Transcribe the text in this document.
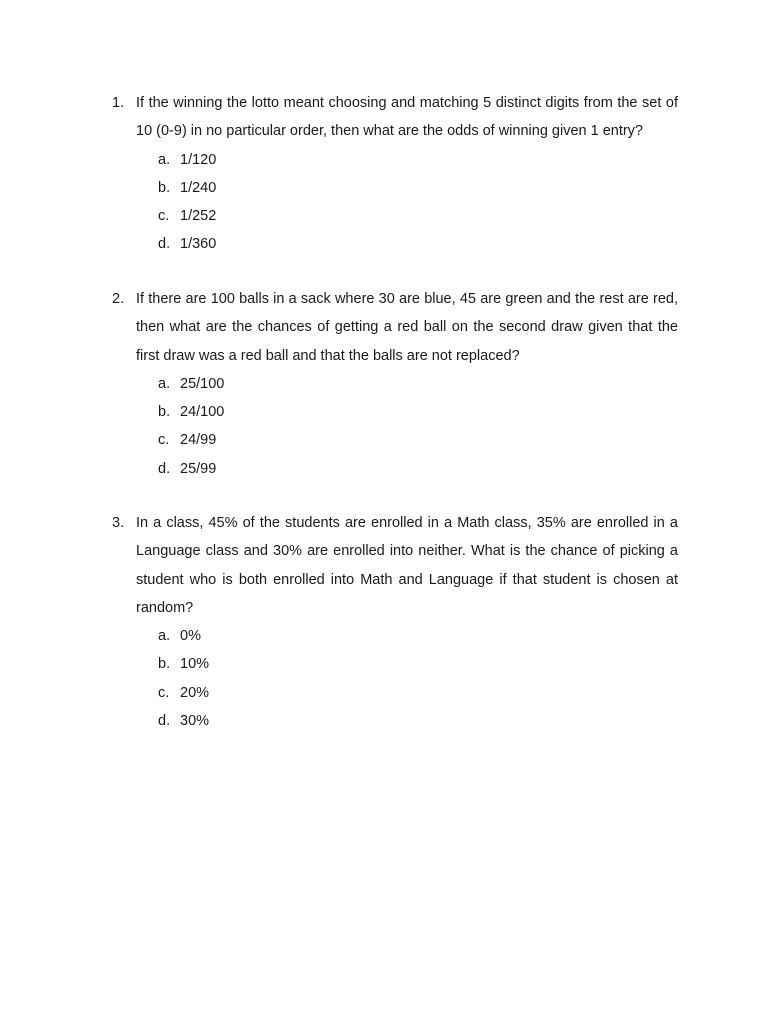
1. If the winning the lotto meant choosing and matching 5 distinct digits from the set of 10 (0-9) in no particular order, then what are the odds of winning given 1 entry?
a. 1/120
b. 1/240
c. 1/252
d. 1/360
2. If there are 100 balls in a sack where 30 are blue, 45 are green and the rest are red, then what are the chances of getting a red ball on the second draw given that the first draw was a red ball and that the balls are not replaced?
a. 25/100
b. 24/100
c. 24/99
d. 25/99
3. In a class, 45% of the students are enrolled in a Math class, 35% are enrolled in a Language class and 30% are enrolled into neither. What is the chance of picking a student who is both enrolled into Math and Language if that student is chosen at random?
a. 0%
b. 10%
c. 20%
d. 30%
